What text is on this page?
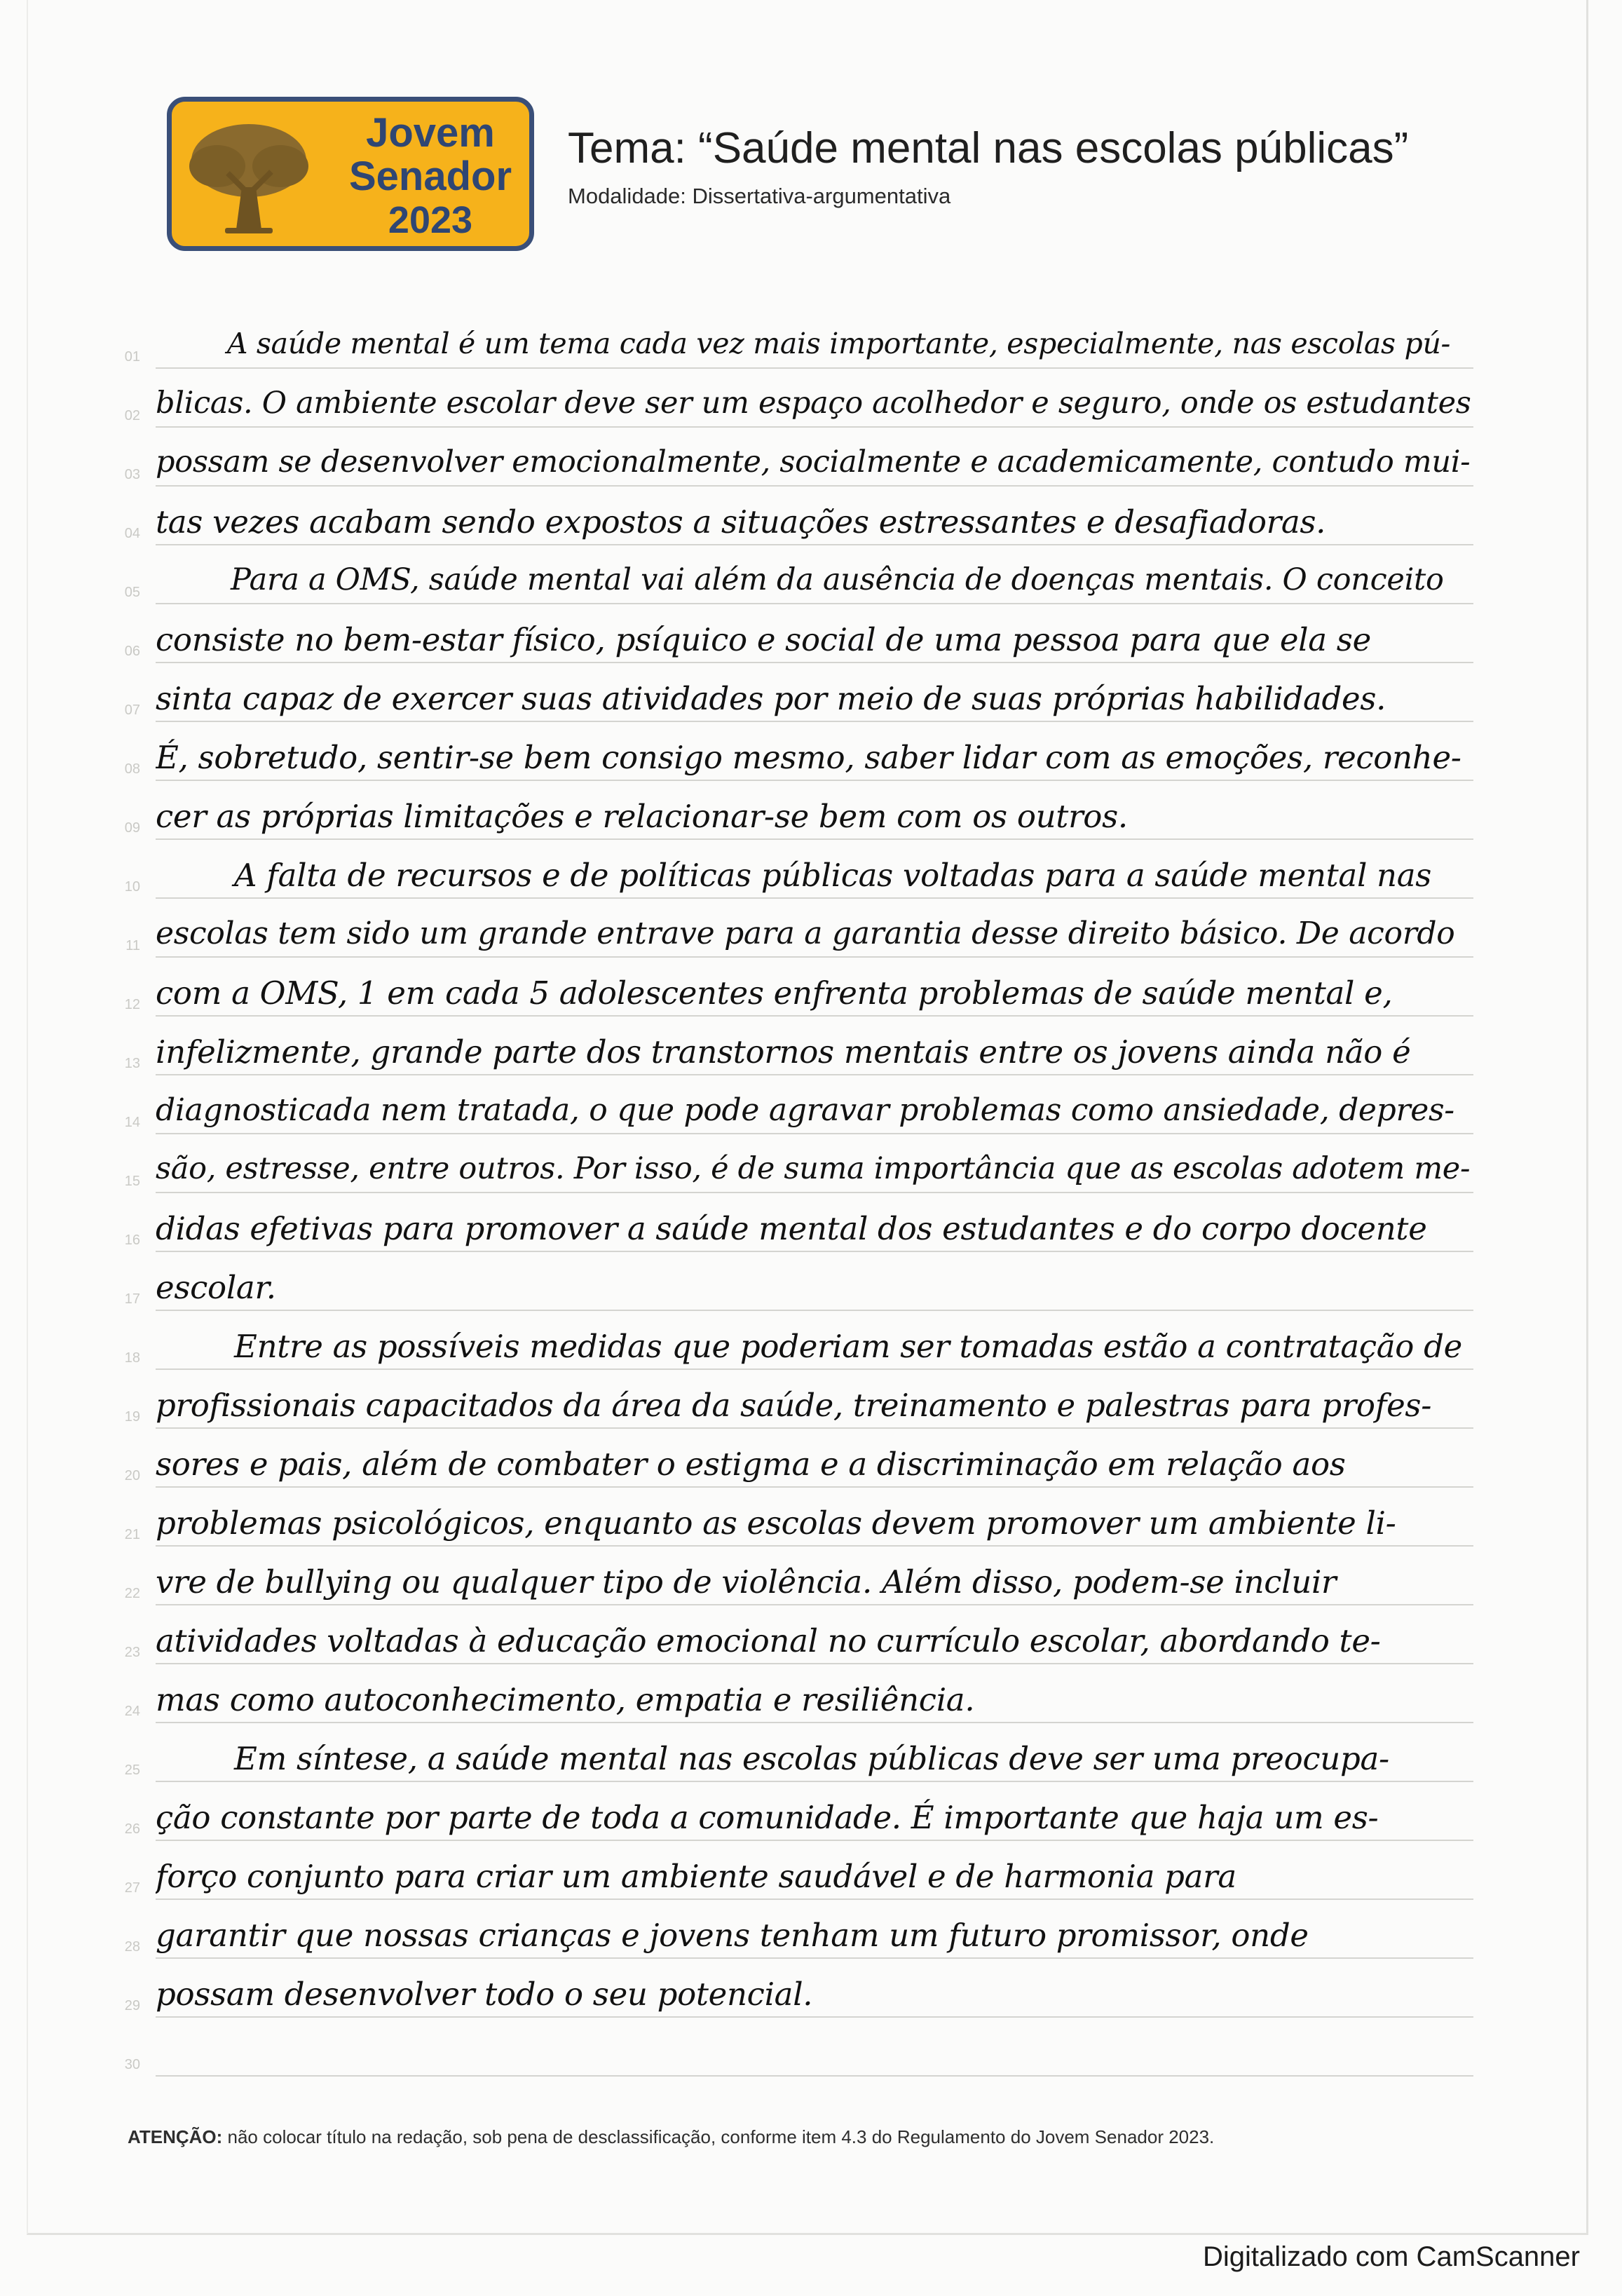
Jovem
Senador
2023
Tema: “Saúde mental nas escolas públicas”
Modalidade: Dissertativa-argumentativa
01 A saúde mental é um tema cada vez mais importante, especialmente, nas escolas pú-
02 blicas. O ambiente escolar deve ser um espaço acolhedor e seguro, onde os estudantes
03 possam se desenvolver emocionalmente, socialmente e academicamente, contudo mui-
04 tas vezes acabam sendo expostos a situações estressantes e desafiadoras.
05 Para a OMS, saúde mental vai além da ausência de doenças mentais. O conceito
06 consiste no bem-estar físico, psíquico e social de uma pessoa para que ela se
07 sinta capaz de exercer suas atividades por meio de suas próprias habilidades.
08 É, sobretudo, sentir-se bem consigo mesmo, saber lidar com as emoções, reconhe-
09 cer as próprias limitações e relacionar-se bem com os outros.
10 A falta de recursos e de políticas públicas voltadas para a saúde mental nas
11 escolas tem sido um grande entrave para a garantia desse direito básico. De acordo
12 com a OMS, 1 em cada 5 adolescentes enfrenta problemas de saúde mental e,
13 infelizmente, grande parte dos transtornos mentais entre os jovens ainda não é
14 diagnosticada nem tratada, o que pode agravar problemas como ansiedade, depres-
15 são, estresse, entre outros. Por isso, é de suma importância que as escolas adotem me-
16 didas efetivas para promover a saúde mental dos estudantes e do corpo docente
17 escolar.
18 Entre as possíveis medidas que poderiam ser tomadas estão a contratação de
19 profissionais capacitados da área da saúde, treinamento e palestras para profes-
20 sores e pais, além de combater o estigma e a discriminação em relação aos
21 problemas psicológicos, enquanto as escolas devem promover um ambiente li-
22 vre de bullying ou qualquer tipo de violência. Além disso, podem-se incluir
23 atividades voltadas à educação emocional no currículo escolar, abordando te-
24 mas como autoconhecimento, empatia e resiliência.
25 Em síntese, a saúde mental nas escolas públicas deve ser uma preocupa-
26 ção constante por parte de toda a comunidade. É importante que haja um es-
27 forço conjunto para criar um ambiente saudável e de harmonia para
28 garantir que nossas crianças e jovens tenham um futuro promissor, onde
29 possam desenvolver todo o seu potencial.
30
ATENÇÃO: não colocar título na redação, sob pena de desclassificação, conforme item 4.3 do Regulamento do Jovem Senador 2023.
Digitalizado com CamScanner
